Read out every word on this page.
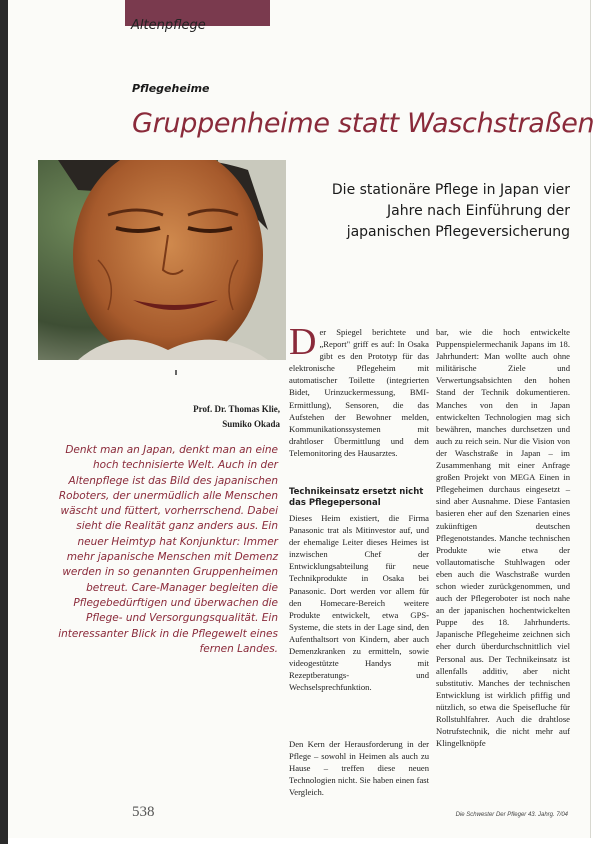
Altenpflege
Pflegeheime
Gruppenheime statt Waschstraßen
Die stationäre Pflege in Japan vier Jahre nach Einführung der japanischen Pflegeversicherung
Prof. Dr. Thomas Klie,
Sumiko Okada
Denkt man an Japan, denkt man an eine hoch technisierte Welt. Auch in der Altenpflege ist das Bild des japanischen Roboters, der unermüdlich alle Menschen wäscht und füttert, vorherrschend. Dabei sieht die Realität ganz anders aus. Ein neuer Heimtyp hat Konjunktur: Immer mehr japanische Menschen mit Demenz werden in so genannten Gruppenheimen betreut. Care-Manager begleiten die Pflegebedürftigen und überwachen die Pflege- und Versorgungsqualität. Ein interessanter Blick in die Pflegewelt eines fernen Landes.
Der Spiegel berichtete und „Report" griff es auf: In Osaka gibt es den Prototyp für das elektronische Pflegeheim mit automatischer Toilette (integrierten Bidet, Urinzuckermessung, BMI-Ermittlung), Sensoren, die das Aufstehen der Bewohner melden, Kommunikationssystemen mit drahtloser Übermittlung und dem Telemonitoring des Hausarztes.
Technikeinsatz ersetzt nicht das Pflegepersonal
Dieses Heim existiert, die Firma Panasonic trat als Mitinvestor auf, und der ehemalige Leiter dieses Heimes ist inzwischen Chef der Entwicklungsabteilung für neue Technikprodukte in Osaka bei Panasonic. Dort werden vor allem für den Homecare-Bereich weitere Produkte entwickelt, etwa GPS-Systeme, die stets in der Lage sind, den Aufenthaltsort von Kindern, aber auch Demenzkranken zu ermitteln, sowie videogestützte Handys mit Rezeptberatungs- und Wechselsprechfunktion.
Den Kern der Herausforderung in der Pflege – sowohl in Heimen als auch zu Hause – treffen diese neuen Technologien nicht. Sie haben einen fast Vergleich.
bar, wie die hoch entwickelte Puppenspielermechanik Japans im 18. Jahrhundert: Man wollte auch ohne militärische Ziele und Verwertungsabsichten den hohen Stand der Technik dokumentieren. Manches von den in Japan entwickelten Technologien mag sich bewähren, manches durchsetzen und auch zu reich sein. Nur die Vision von der Waschstraße in Japan – im Zusammenhang mit einer Anfrage großen Projekt von MEGA Einen in Pflegeheimen durchaus eingesetzt – sind aber Ausnahme. Diese Fantasien basieren eher auf den Szenarien eines zukünftigen deutschen Pflegenotstandes. Manche technischen Produkte wie etwa der vollautomatische Stuhlwagen oder eben auch die Waschstraße wurden schon wieder zurückgenommen, und auch der Pflegeroboter ist noch nahe an der japanischen hochentwickelten Puppe des 18. Jahrhunderts. Japanische Pflegeheime zeichnen sich eher durch überdurchschnittlich viel Personal aus. Der Technikeinsatz ist allenfalls additiv, aber nicht substitutiv. Manches der technischen Entwicklung ist wirklich pfiffig und nützlich, so etwa die Speisefluche für Rollstuhlfahrer. Auch die drahtlose Notrufstechnik, die nicht mehr auf Klingelknöpfe
538	Die Schwester Der Pfleger 43. Jahrg. 7/04
